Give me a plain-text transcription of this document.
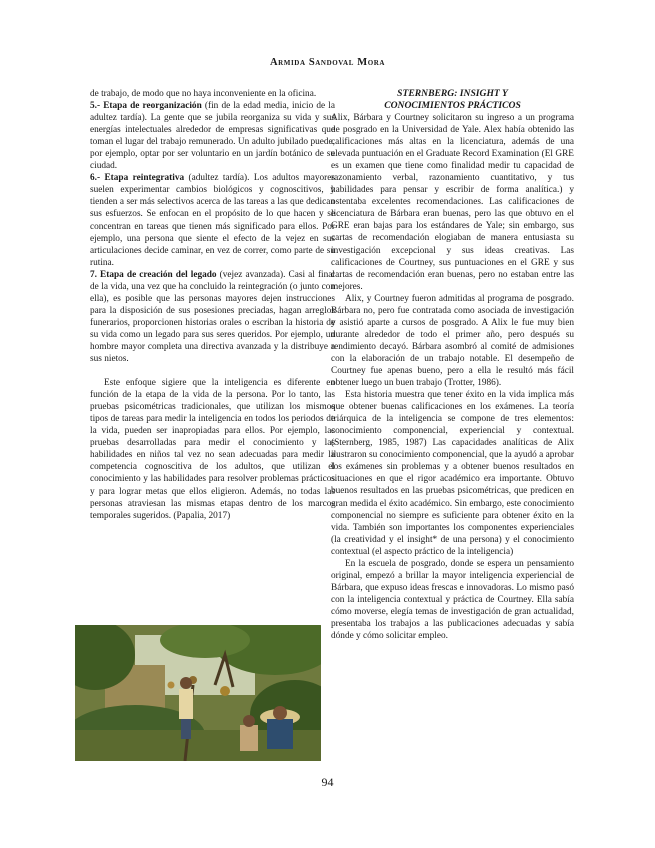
Armida Sandoval Mora

de trabajo, de modo que no haya inconveniente en la oficina.

5.- Etapa de reorganización (fin de la edad media, inicio de la adultez tardía). La gente que se jubila reorganiza su vida y sus energías intelectuales alrededor de empresas significativas que toman el lugar del trabajo remunerado. Un adulto jubilado puede, por ejemplo, optar por ser voluntario en un jardín botánico de su ciudad.

6.- Etapa reintegrativa (adultez tardía). Los adultos mayores suelen experimentar cambios biológicos y cognoscitivos, y tienden a ser más selectivos acerca de las tareas a las que dedican sus esfuerzos. Se enfocan en el propósito de lo que hacen y se concentran en tareas que tienen más significado para ellos. Por ejemplo, una persona que siente el efecto de la vejez en sus articulaciones decide caminar, en vez de correr, como parte de su rutina.

7. Etapa de creación del legado (vejez avanzada). Casi al final de la vida, una vez que ha concluido la reintegración (o junto con ella), es posible que las personas mayores dejen instrucciones para la disposición de sus posesiones preciadas, hagan arreglos funerarios, proporcionen historias orales o escriban la historia de su vida como un legado para sus seres queridos. Por ejemplo, un hombre mayor completa una directiva avanzada y la distribuye a sus nietos.

Este enfoque sigiere que la inteligencia es diferente en función de la etapa de la vida de la persona. Por lo tanto, las pruebas psicométricas tradicionales, que utilizan los mismos tipos de tareas para medir la inteligencia en todos los periodos de la vida, pueden ser inapropiadas para ellos. Por ejemplo, las pruebas desarrolladas para medir el conocimiento y las habilidades en niños tal vez no sean adecuadas para medir la competencia cognoscitiva de los adultos, que utilizan el conocimiento y las habilidades para resolver problemas prácticos y para lograr metas que ellos eligieron. Además, no todas las personas atraviesan las mismas etapas dentro de los marcos temporales sugeridos. (Papalia, 2017)

STERNBERG: INSIGHT Y

CONOCIMIENTOS PRÁCTICOS

Alix, Bárbara y Courtney solicitaron su ingreso a un programa de posgrado en la Universidad de Yale. Alex había obtenido las calificaciones más altas en la licenciatura, además de una elevada puntuación en el Graduate Record Examination (El GRE es un examen que tiene como finalidad medir tu capacidad de razonamiento verbal, razonamiento cuantitativo, y tus habilidades para pensar y escribir de forma analítica.) y ostentaba excelentes recomendaciones. Las calificaciones de licenciatura de Bárbara eran buenas, pero las que obtuvo en el GRE eran bajas para los estándares de Yale; sin embargo, sus cartas de recomendación elogiaban de manera entusiasta su investigación excepcional y sus ideas creativas. Las calificaciones de Courtney, sus puntuaciones en el GRE y sus cartas de recomendación eran buenas, pero no estaban entre las mejores.

Alix, y Courtney fueron admitidas al programa de posgrado. Bárbara no, pero fue contratada como asociada de investigación y asistió aparte a cursos de posgrado. A Alix le fue muy bien durante alrededor de todo el primer año, pero después su rendimiento decayó. Bárbara asombró al comité de admisiones con la elaboración de un trabajo notable. El desempeño de Courtney fue apenas bueno, pero a ella le resultó más fácil obtener luego un buen trabajo (Trotter, 1986).

Esta historia muestra que tener éxito en la vida implica más que obtener buenas calificaciones en los exámenes. La teoría triárquica de la inteligencia se compone de tres elementos: conocimiento componencial, experiencial y contextual. (Sternberg, 1985, 1987) Las capacidades analíticas de Alix ilustraron su conocimiento componencial, que la ayudó a aprobar los exámenes sin problemas y a obtener buenos resultados en situaciones en que el rigor académico era importante. Obtuvo buenos resultados en las pruebas psicométricas, que predicen en gran medida el éxito académico. Sin embargo, este conocimiento componencial no siempre es suficiente para obtener éxito en la vida. También son importantes los componentes experienciales (la creatividad y el insight* de una persona) y el conocimiento contextual (el aspecto práctico de la inteligencia)

En la escuela de posgrado, donde se espera un pensamiento original, empezó a brillar la mayor inteligencia experiencial de Bárbara, que expuso ideas frescas e innovadoras. Lo mismo pasó con la inteligencia contextual y práctica de Courtney. Ella sabía cómo moverse, elegía temas de investigación de gran actualidad, presentaba los trabajos a las publicaciones adecuadas y sabía dónde y cómo solicitar empleo.

94
